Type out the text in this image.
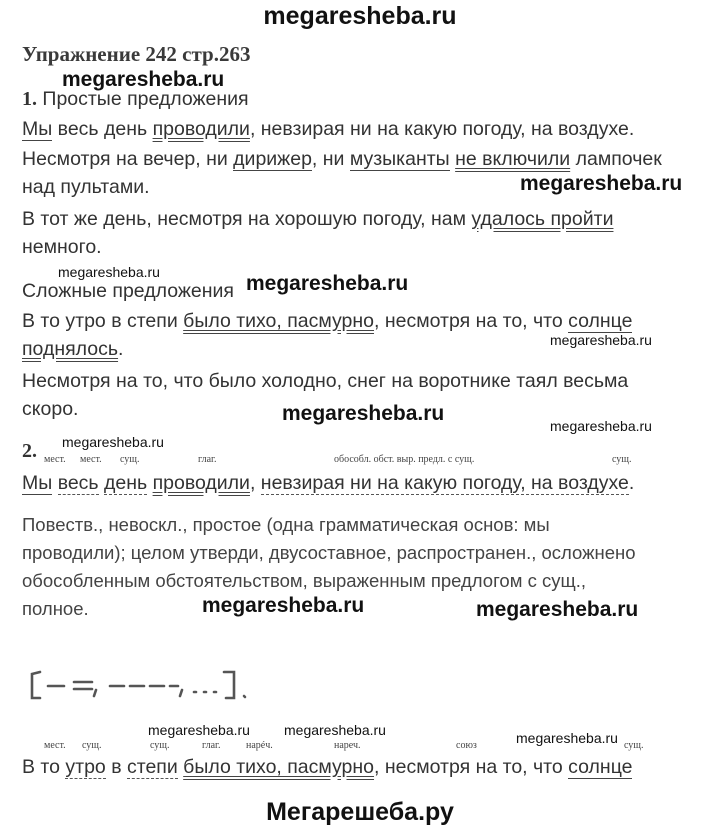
megaresheba.ru
Мегарешеба.ру
Упражнение 242 стр.263
megaresheba.ru
1. Простые предложения
Мы весь день проводили, невзирая ни на какую погоду, на воздухе.
Несмотря на вечер, ни дирижер, ни музыканты не включили лампочек
над пультами.	megaresheba.ru
В тот же день, несмотря на хорошую погоду, нам удалось пройти
немного.
megaresheba.ru
Сложные предложения megaresheba.ru
В то утро в степи было тихо, пасмурно, несмотря на то, что солнце
поднялось.	megaresheba.ru
Несмотря на то, что было холодно, снег на воротнике таял весьма
скоро.	megaresheba.ru
megaresheba.ru
megaresheba.ru
2. мест. мест. сущ.	глаг.	обособл. обст. выр. предл. с сущ.	сущ.
Мы весь день проводили, невзирая ни на какую погоду, на воздухе.
Повеств., невоскл., простое (одна грамматическая основ: мы
проводили); целом утверди, двусоставное, распространен., осложнено
обособленным обстоятельством, выраженным предлогом с сущ.,
полное.	megaresheba.ru	megaresheba.ru
megaresheba.ru megaresheba.ru	megaresheba.ru
мест. сущ.	сущ.	глаг.	нарéч.	нареч.	союз	сущ.
В то утро в степи было тихо, пасмурно, несмотря на то, что солнце
